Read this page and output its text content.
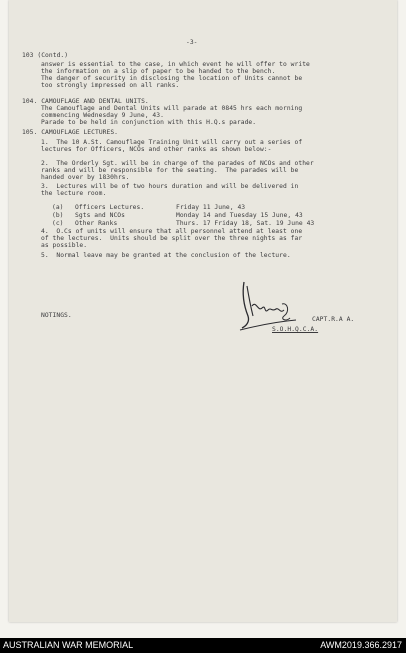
-3-
103 (Contd.)
answer is essential to the case, in which event he will offer to write
the information on a slip of paper to be handed to the bench.
The danger of security in disclosing the location of Units cannot be
too strongly impressed on all ranks.
104. CAMOUFLAGE AND DENTAL UNITS.
The Camouflage and Dental Units will parade at 0845 hrs each morning
commencing Wednesday 9 June, 43.
Parade to be held in conjunction with this H.Q.s parade.
105. CAMOUFLAGE LECTURES.
1.  The 10 A.St. Camouflage Training Unit will carry out a series of
lectures for Officers, NCOs and other ranks as shown below:-
2.  The Orderly Sgt. will be in charge of the parades of NCOs and other
ranks and will be responsible for the seating.  The parades will be
handed over by 1830hrs.
3.  Lectures will be of two hours duration and will be delivered in
the lecture room.
(a)   Officers Lectures.	Friday 11 June, 43
(b)   Sgts and NCOs	Monday 14 and Tuesday 15 June, 43
(c)   Other Ranks	Thurs. 17 Friday 18, Sat. 19 June 43
4.  O.Cs of units will ensure that all personnel attend at least one
of the lectures.  Units should be split over the three nights as far
as possible.
5.  Normal leave may be granted at the conclusion of the lecture.
NOTINGS.
CAPT.R.A A.
S.O.H.Q.C.A.
AUSTRALIAN WAR MEMORIAL	AWM2019.366.2917
